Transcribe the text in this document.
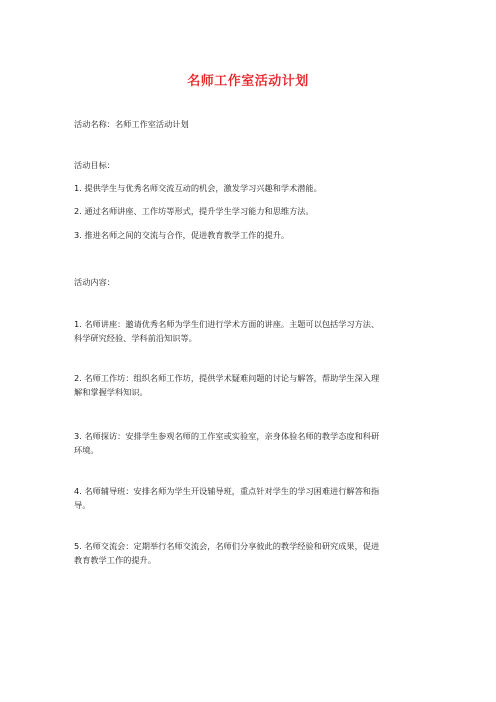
名师工作室活动计划
活动名称：名师工作室活动计划
活动目标：
1. 提供学生与优秀名师交流互动的机会，激发学习兴趣和学术潜能。
2. 通过名师讲座、工作坊等形式，提升学生学习能力和思维方法。
3. 推进名师之间的交流与合作，促进教育教学工作的提升。
活动内容：
1. 名师讲座：邀请优秀名师为学生们进行学术方面的讲座。主题可以包括学习方法、
科学研究经验、学科前沿知识等。
2. 名师工作坊：组织名师工作坊，提供学术疑难问题的讨论与解答，帮助学生深入理
解和掌握学科知识。
3. 名师探访：安排学生参观名师的工作室或实验室，亲身体验名师的教学态度和科研
环境。
4. 名师辅导班：安排名师为学生开设辅导班，重点针对学生的学习困难进行解答和指
导。
5. 名师交流会：定期举行名师交流会，名师们分享彼此的教学经验和研究成果，促进
教育教学工作的提升。
